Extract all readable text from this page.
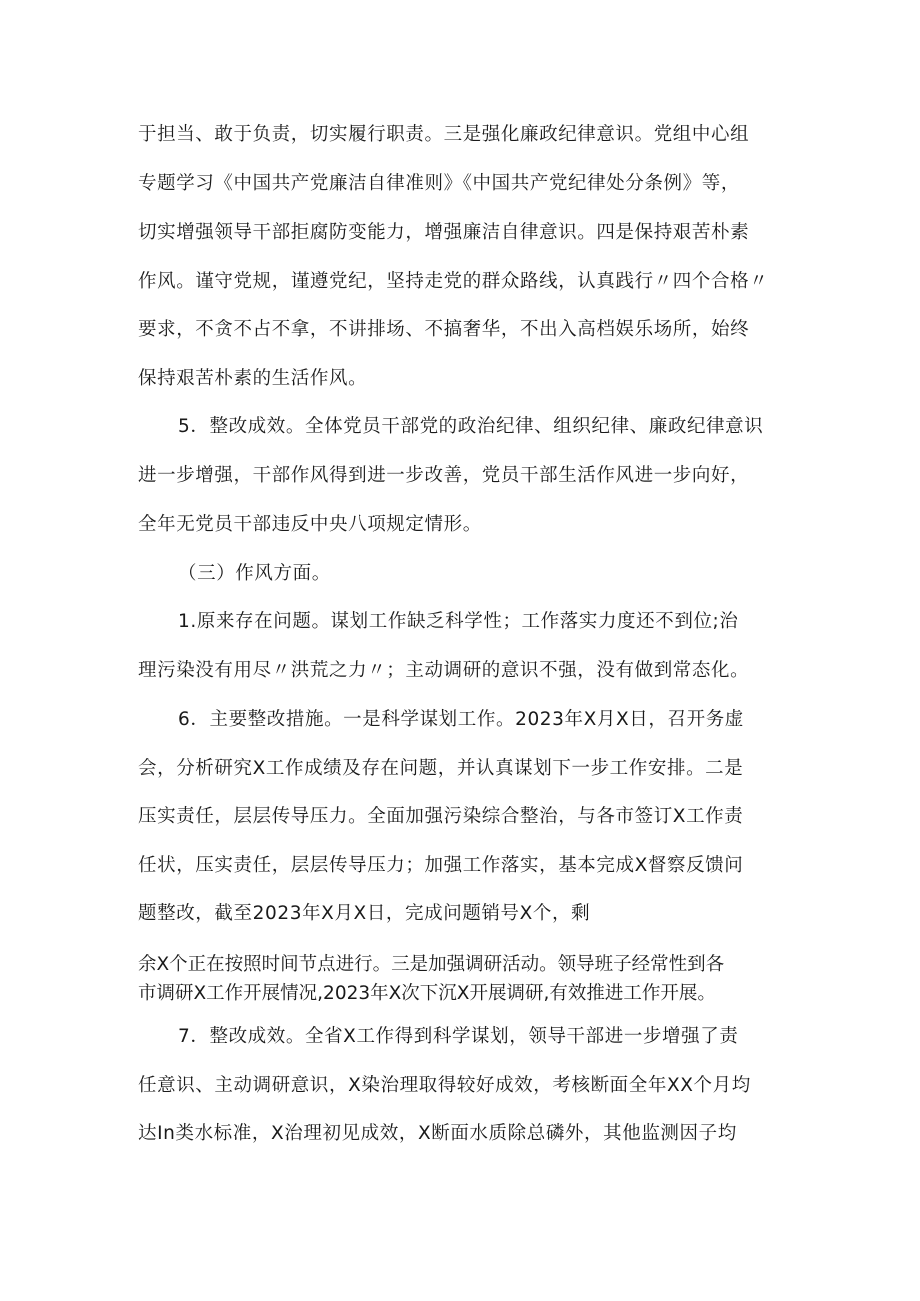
于担当、敢于负责，切实履行职责。三是强化廉政纪律意识。党组中心组
专题学习《中国共产党廉洁自律准则》《中国共产党纪律处分条例》等，
切实增强领导干部拒腐防变能力，增强廉洁自律意识。四是保持艰苦朴素
作风。谨守党规，谨遵党纪，坚持走党的群众路线，认真践行〃四个合格〃
要求，不贪不占不拿，不讲排场、不搞奢华，不出入高档娱乐场所，始终
保持艰苦朴素的生活作风。
5．整改成效。全体党员干部党的政治纪律、组织纪律、廉政纪律意识
进一步增强，干部作风得到进一步改善，党员干部生活作风进一步向好，
全年无党员干部违反中央八项规定情形。
（三）作风方面。
1.原来存在问题。谋划工作缺乏科学性；工作落实力度还不到位;治
理污染没有用尽〃洪荒之力〃；主动调研的意识不强，没有做到常态化。
6．主要整改措施。一是科学谋划工作。2023年X月X日，召开务虚
会，分析研究X工作成绩及存在问题，并认真谋划下一步工作安排。二是
压实责任，层层传导压力。全面加强污染综合整治，与各市签订X工作责
任状，压实责任，层层传导压力；加强工作落实，基本完成X督察反馈问
题整改，截至2023年X月X日，完成问题销号X个，剩
余X个正在按照时间节点进行。三是加强调研活动。领导班子经常性到各
市调研X工作开展情况,2023年X次下沉X开展调研,有效推进工作开展。
7．整改成效。全省X工作得到科学谋划，领导干部进一步增强了责
任意识、主动调研意识，X染治理取得较好成效，考核断面全年XX个月均
达In类水标准，X治理初见成效，X断面水质除总磷外，其他监测因子均
